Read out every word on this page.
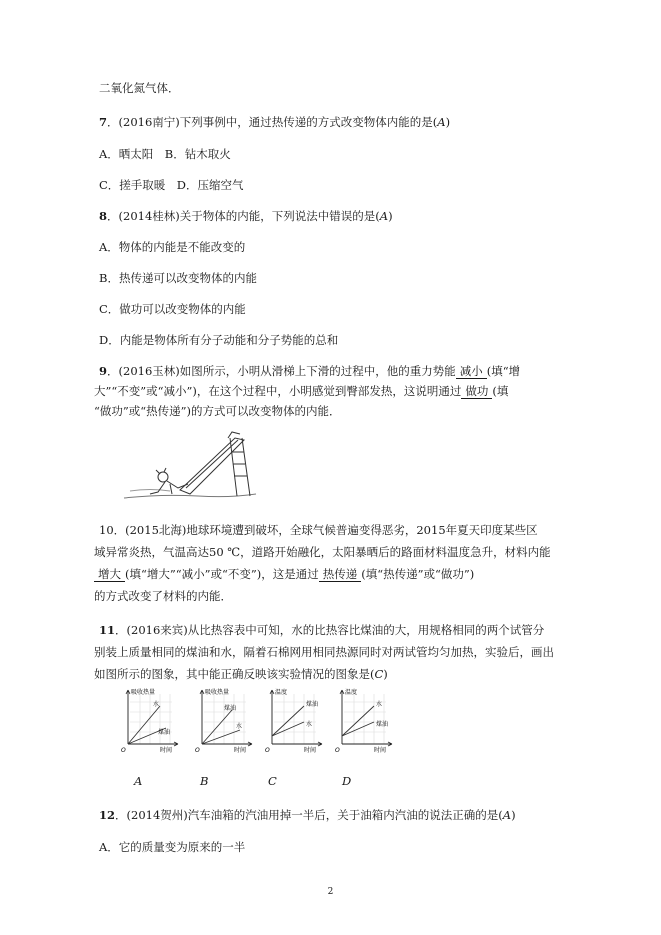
二氧化氮气体．
7．(2016南宁)下列事例中，通过热传递的方式改变物体内能的是(A)
A．晒太阳　B．钻木取火
C．搓手取暖　D．压缩空气
8．(2014桂林)关于物体的内能，下列说法中错误的是(A)
A．物体的内能是不能改变的
B．热传递可以改变物体的内能
C．做功可以改变物体的内能
D．内能是物体所有分子动能和分子势能的总和
9．(2016玉林)如图所示，小明从滑梯上下滑的过程中，他的重力势能 减小 (填“增
大”“不变”或“减小”)，在这个过程中，小明感觉到臀部发热，这说明通过 做功 (填
“做功”或“热传递”)的方式可以改变物体的内能．
10．(2015北海)地球环境遭到破坏，全球气候普遍变得恶劣，2015年夏天印度某些区
域异常炎热，气温高达50 ℃，道路开始融化，太阳暴晒后的路面材料温度急升，材料内能
增大 (填“增大”“减小”或“不变”)，这是通过 热传递 (填“热传递”或“做功”)
的方式改变了材料的内能．
11．(2016来宾)从比热容表中可知，水的比热容比煤油的大，用规格相同的两个试管分
别装上质量相同的煤油和水，隔着石棉网用相同热源同时对两试管均匀加热，实验后，画出
如图所示的图象，其中能正确反映该实验情况的图象是(C)
吸收热量
时间
O
水
煤油
吸收热量
时间
O
煤油
水
温度
时间
O
煤油
水
温度
时间
O
水
煤油
A	B	C	D
12．(2014贺州)汽车油箱的汽油用掉一半后，关于油箱内汽油的说法正确的是(A)
A．它的质量变为原来的一半
2
